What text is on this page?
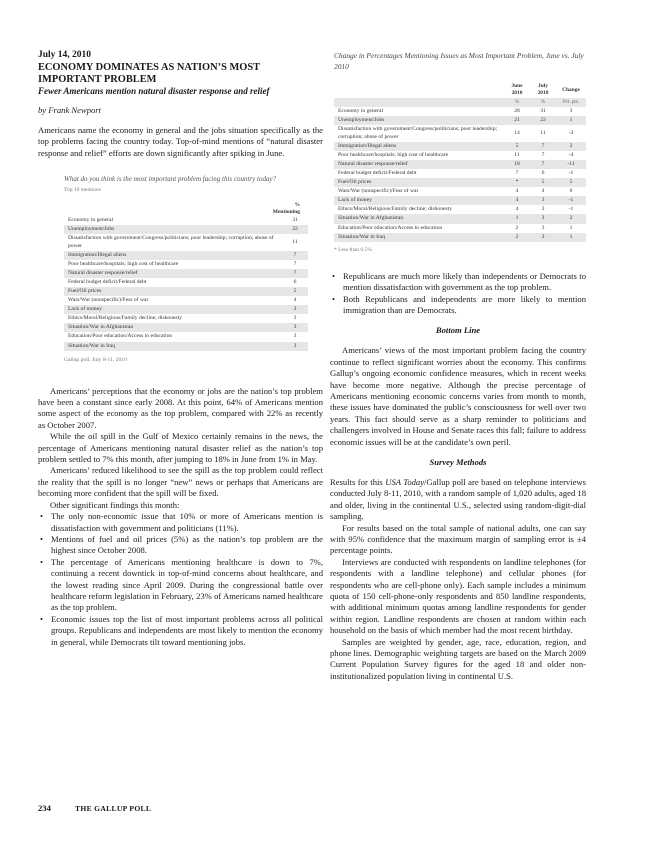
July 14, 2010
ECONOMY DOMINATES AS NATION’S MOST IMPORTANT PROBLEM
Fewer Americans mention natural disaster response and relief
by Frank Newport

Americans name the economy in general and the jobs situation specifically as the top problems facing the country today. Top-of-mind mentions of “natural disaster response and relief” efforts are down significantly after spiking in June.

What do you think is the most important problem facing this country today?
Top 10 mentions
%
Mentioning
Economy in general	31
Unemployment/Jobs	22
Dissatisfaction with government/Congress/politicians; poor leadership; corruption; abuse of power	11
Immigration/Illegal aliens	7
Poor healthcare/hospitals; high cost of healthcare	7
Natural disaster response/relief	7
Federal budget deficit/Federal debt	6
Fuel/Oil prices	5
Wars/War (nonspecific)/Fear of war	4
Lack of money	3
Ethics/Moral/Religious/Family decline; dishonesty	3
Situation/War in Afghanistan	3
Education/Poor education/Access to education	3
Situation/War in Iraq	3
Gallup poll, July 8-11, 2010

Americans’ perceptions that the economy or jobs are the nation’s top problem have been a constant since early 2008. At this point, 64% of Americans mention some aspect of the economy as the top problem, compared with 22% as recently as October 2007.

While the oil spill in the Gulf of Mexico certainly remains in the news, the percentage of Americans mentioning natural disaster relief as the nation’s top problem settled to 7% this month, after jumping to 18% in June from 1% in May.

Americans’ reduced likelihood to see the spill as the top problem could reflect the reality that the spill is no longer “new” news or perhaps that Americans are becoming more confident that the spill will be fixed.

Other significant findings this month:

• The only non-economic issue that 10% or more of Americans mention is dissatisfaction with government and politicians (11%).
• Mentions of fuel and oil prices (5%) as the nation’s top problem are the highest since October 2008.
• The percentage of Americans mentioning healthcare is down to 7%, continuing a recent downtick in top-of-mind concerns about healthcare, and the lowest reading since April 2009. During the congressional battle over healthcare reform legislation in February, 23% of Americans named healthcare as the top problem.
• Economic issues top the list of most important problems across all political groups. Republicans and independents are most likely to mention the economy in general, while Democrats tilt toward mentioning jobs.
Change in Percentages Mentioning Issues as Most Important Problem, June vs. July 2010
	June 2010	July 2010	Change
	%	%	Pct. pts.
Economy in general	28	31	3
Unemployment/Jobs	21	22	1
Dissatisfaction with government/Congress/politicians; poor leadership; corruption; abuse of power	14	11	-3
Immigration/Illegal aliens	5	7	2
Poor healthcare/hospitals; high cost of healthcare	11	7	-4
Natural disaster response/relief	18	7	-11
Federal budget deficit/Federal debt	7	6	-1
Fuel/Oil prices	*	5	5
Wars/War (nonspecific)/Fear of war	4	4	0
Lack of money	4	3	-1
Ethics/Moral/Religious/Family decline; dishonesty	4	3	-1
Situation/War in Afghanistan	1	3	2
Education/Poor education/Access to education	2	3	1
Situation/War in Iraq	2	3	1
* Less than 0.5%
• Republicans are much more likely than independents or Democrats to mention dissatisfaction with government as the top problem.
• Both Republicans and independents are more likely to mention immigration than are Democrats.
Bottom Line

Americans’ views of the most important problem facing the country continue to reflect significant worries about the economy. This confirms Gallup’s ongoing economic confidence measures, which in recent weeks have become more negative. Although the precise percentage of Americans mentioning economic concerns varies from month to month, these issues have dominated the public’s consciousness for well over two years. This fact should serve as a sharp reminder to politicians and challengers involved in House and Senate races this fall; failure to address economic issues will be at the candidate’s own peril.

Survey Methods

Results for this USA Today/Gallup poll are based on telephone interviews conducted July 8-11, 2010, with a random sample of 1,020 adults, aged 18 and older, living in the continental U.S., selected using random-digit-dial sampling.

For results based on the total sample of national adults, one can say with 95% confidence that the maximum margin of sampling error is ±4 percentage points.

Interviews are conducted with respondents on landline telephones (for respondents with a landline telephone) and cellular phones (for respondents who are cell-phone only). Each sample includes a minimum quota of 150 cell-phone-only respondents and 850 landline respondents, with additional minimum quotas among landline respondents for gender within region. Landline respondents are chosen at random within each household on the basis of which member had the most recent birthday.

Samples are weighted by gender, age, race, education, region, and phone lines. Demographic weighting targets are based on the March 2009 Current Population Survey figures for the aged 18 and older non-institutionalized population living in continental U.S.

234	THE GALLUP POLL
